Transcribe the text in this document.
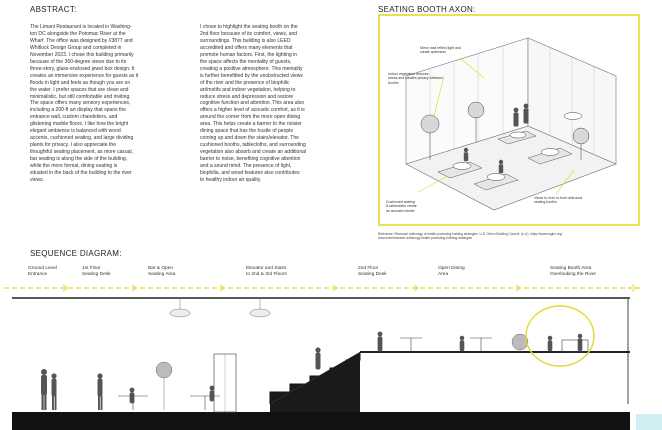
ABSTRACT:
The Limani Restaurant is located in Washing-
ton DC alongside the Potomac River at the
Wharf. The office was designed by //3877 and
Whitlock Design Group and completed in
November 2023. I chose this building primarily
because of the 360-degree views due to its
three-story, glass-enclosed jewel box design. It
creates an immersive experience for guests as it
floods in light and feels as though you are on
the water. I prefer spaces that are clean and
minimalistic, but still comfortable and inviting.
The space offers many sensory experiences,
including a 200-ft art display that spans the
entrance wall, custom chandeliers, and
glistening marble floors. I like how the bright
elegant ambience is balanced with wood
accents, cushioned seating, and large dividing
plants for privacy. I also appreciate the
thoughtful seating placement, as more casual,
bar seating is along the side of the building,
while the more formal, dining seating is
situated in the back of the building to the river
views.
I chose to highlight the seating booth on the
2nd floor because of its comfort, views, and
surroundings. This building is also LEED
accredited and offers many elements that
promote human factors. First, the lighting in
the space affects the mentality of guests,
creating a positive atmosphere. This mentality
is further benefitted by the unobstructed views
of the river and the presence of biophilic
art/motifs and indoor vegetation, helping to
reduce stress and depression and restore
cognitive function and attention. This area also
offers a higher level of acoustic comfort, as it is
around the corner from the more open dining
area. This helps create a barrier to the noisier
dining space that has the hustle of people
coming up and down the stairs/elevator. The
cushioned booths, tablecloths, and surrounding
vegetation also absorb and create an additional
barrier to noise, benefiting cognitive attention
and a sound mind. The presence of light,
biophilia, and wood features also contributes
to healthy indoor air quality.
SEATING BOOTH AXON:
Mirror wall reflect light and
create openness
Indoor vegetation reduces
stress and creates privacy between
booths
Cushioned seating
& tablecloths create
an acoustic barrier
Views to river in front of/around
seating booths
Reference: Research anthology of health-promoting building strategies. U.S. Green Building Council. (n.d.). https://www.usgbc.org/
resources/research-anthology-health-promoting-building-strategies
SEQUENCE DIAGRAM:
Ground Level
Entrance
1st Floor
Seating Desk
Bar & Open
Seating Area
Elevator and Stairs
to 2nd & 3rd Floors
2nd Floor
Seating Desk
Open Dining
Area
Seating Booth Area
Overlooking the River
